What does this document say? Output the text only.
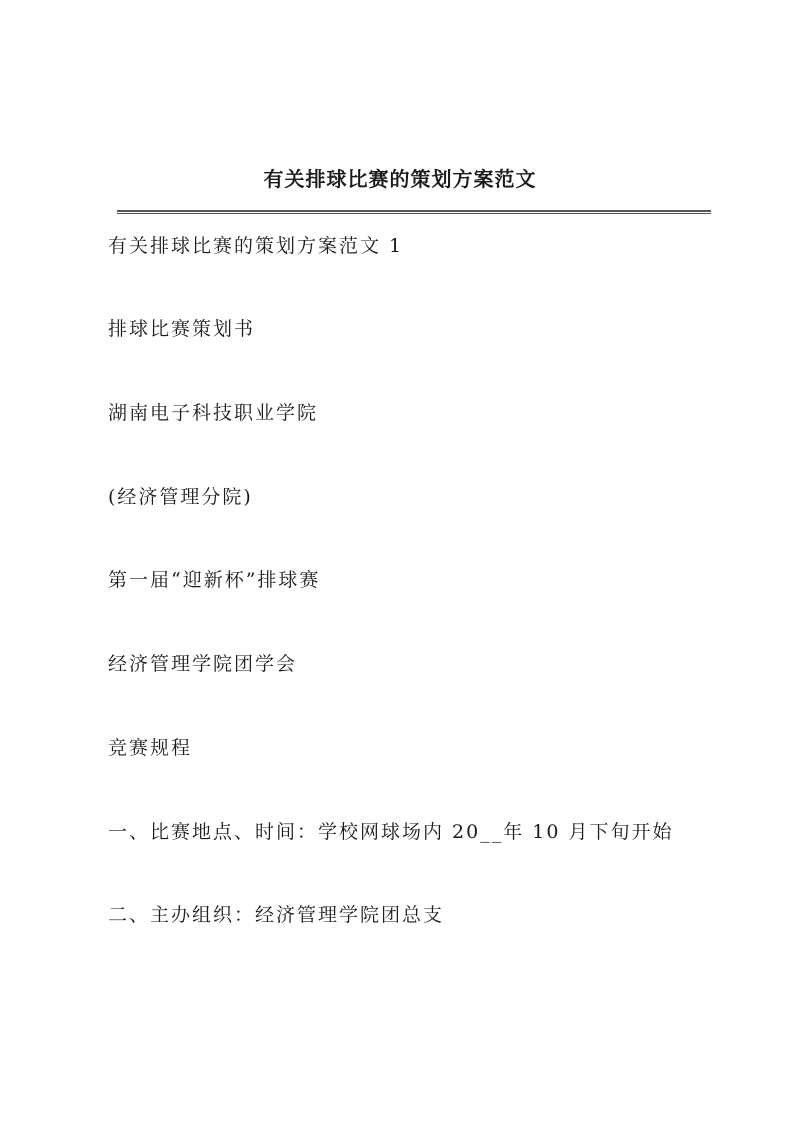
有关排球比赛的策划方案范文
有关排球比赛的策划方案范文 1
排球比赛策划书
湖南电子科技职业学院
(经济管理分院)
第一届“迎新杯”排球赛
经济管理学院团学会
竞赛规程
一、比赛地点、时间：学校网球场内 20__年 10 月下旬开始
二、主办组织：经济管理学院团总支
